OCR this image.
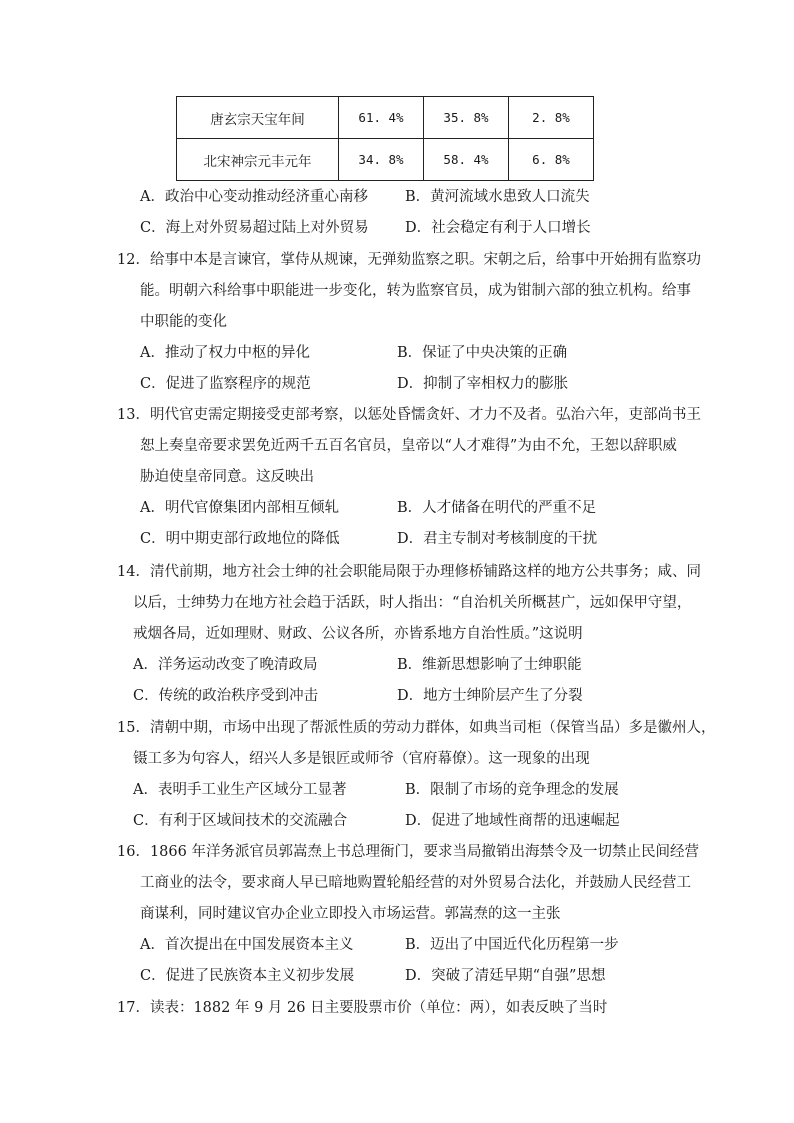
唐玄宗天宝年间	61. 4%	35. 8%	2. 8%
北宋神宗元丰元年	34. 8%	58. 4%	6. 8%
A．政治中心变动推动经济重心南移	B．黄河流域水患致人口流失
C．海上对外贸易超过陆上对外贸易	D．社会稳定有利于人口增长
12．给事中本是言谏官，掌侍从规谏，无弹劾监察之职。宋朝之后，给事中开始拥有监察功
能。明朝六科给事中职能进一步变化，转为监察官员，成为钳制六部的独立机构。给事
中职能的变化
A．推动了权力中枢的异化	B．保证了中央决策的正确
C．促进了监察程序的规范	D．抑制了宰相权力的膨胀
13．明代官吏需定期接受吏部考察，以惩处昏懦贪奸、才力不及者。弘治六年，吏部尚书王
恕上奏皇帝要求罢免近两千五百名官员，皇帝以“人才难得”为由不允，王恕以辞职威
胁迫使皇帝同意。这反映出
A．明代官僚集团内部相互倾轧	B．人才储备在明代的严重不足
C．明中期吏部行政地位的降低	D．君主专制对考核制度的干扰
14．清代前期，地方社会士绅的社会职能局限于办理修桥铺路这样的地方公共事务；咸、同
以后，士绅势力在地方社会趋于活跃，时人指出：“自治机关所概甚广，远如保甲守望，
戒烟各局，近如理财、财政、公议各所，亦皆系地方自治性质。”这说明
A．洋务运动改变了晚清政局	B．维新思想影响了士绅职能
C．传统的政治秩序受到冲击	D．地方士绅阶层产生了分裂
15．清朝中期，市场中出现了帮派性质的劳动力群体，如典当司柜（保管当品）多是徽州人，
镊工多为句容人，绍兴人多是银匠或师爷（官府幕僚）。这一现象的出现
A．表明手工业生产区域分工显著	B．限制了市场的竞争理念的发展
C．有利于区域间技术的交流融合	D．促进了地域性商帮的迅速崛起
16．1866 年洋务派官员郭嵩焘上书总理衙门，要求当局撤销出海禁令及一切禁止民间经营
工商业的法令，要求商人早已暗地购置轮船经营的对外贸易合法化，并鼓励人民经营工
商谋利，同时建议官办企业立即投入市场运营。郭嵩焘的这一主张
A．首次提出在中国发展资本主义	B．迈出了中国近代化历程第一步
C．促进了民族资本主义初步发展	D．突破了清廷早期“自强”思想
17．读表：1882 年 9 月 26 日主要股票市价（单位：两），如表反映了当时
